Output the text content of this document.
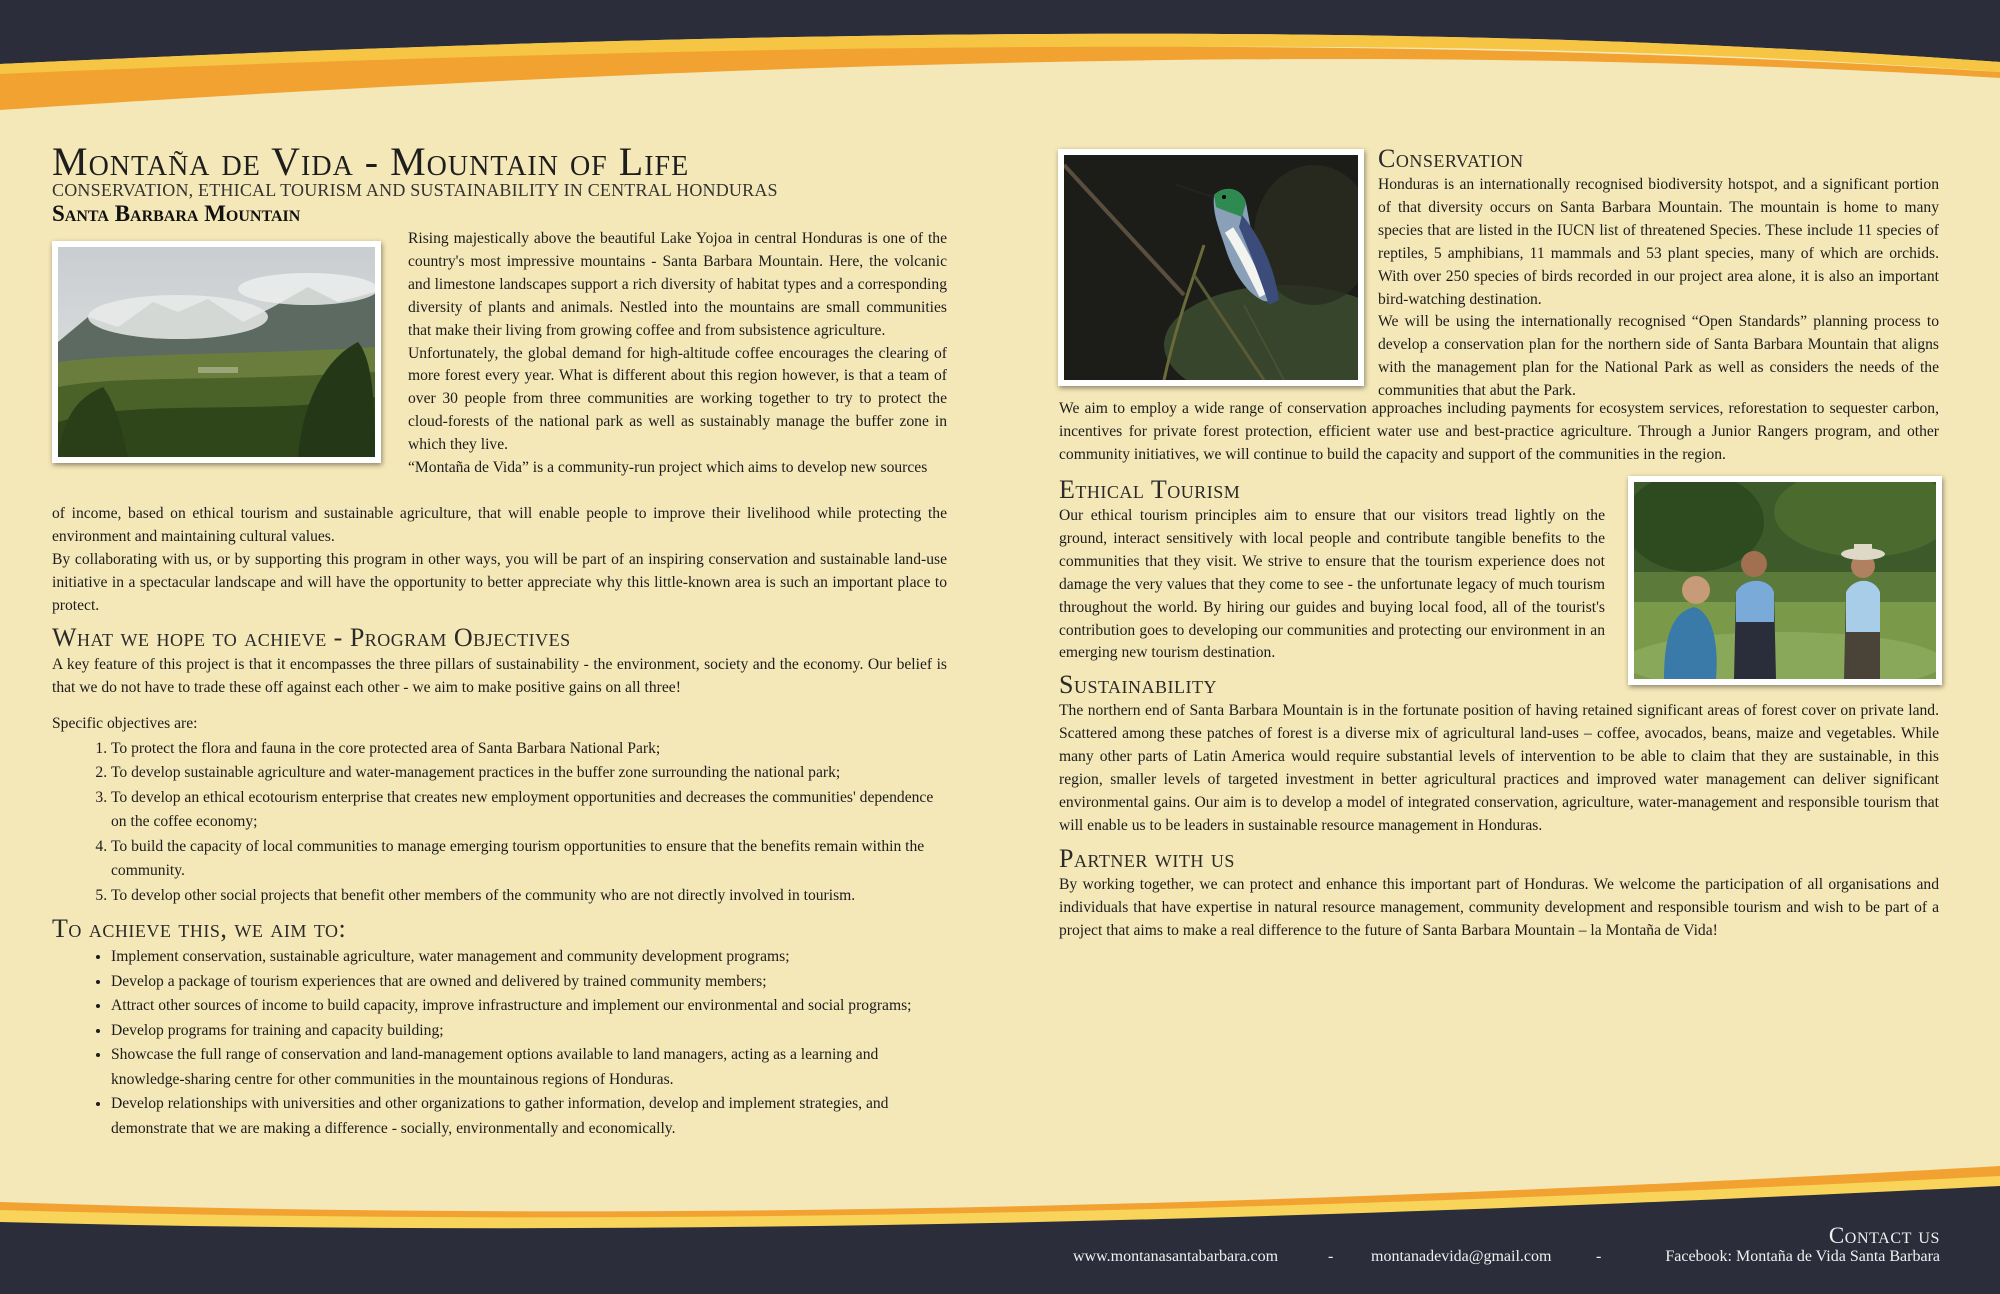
Montaña de Vida - Mountain of Life
CONSERVATION, ETHICAL TOURISM AND SUSTAINABILITY IN CENTRAL HONDURAS
Santa Barbara Mountain

Rising majestically above the beautiful Lake Yojoa in central Honduras is one of the country's most impressive mountains - Santa Barbara Mountain. Here, the volcanic and limestone landscapes support a rich diversity of habitat types and a corresponding diversity of plants and animals. Nestled into the mountains are small communities that make their living from growing coffee and from subsistence agriculture.

Unfortunately, the global demand for high-altitude coffee encourages the clearing of more forest every year. What is different about this region however, is that a team of over 30 people from three communities are working together to try to protect the cloud-forests of the national park as well as sustainably manage the buffer zone in which they live.

“Montaña de Vida” is a community-run project which aims to develop new sources

of income, based on ethical tourism and sustainable agriculture, that will enable people to improve their livelihood while protecting the environment and maintaining cultural values.

By collaborating with us, or by supporting this program in other ways, you will be part of an inspiring conservation and sustainable land-use initiative in a spectacular landscape and will have the opportunity to better appreciate why this little-known area is such an important place to protect.

What we hope to achieve - Program Objectives

A key feature of this project is that it encompasses the three pillars of sustainability - the environment, society and the economy. Our belief is that we do not have to trade these off against each other - we aim to make positive gains on all three!

Specific objectives are:

1. To protect the flora and fauna in the core protected area of Santa Barbara National Park;
2. To develop sustainable agriculture and water-management practices in the buffer zone surrounding the national park;
3. To develop an ethical ecotourism enterprise that creates new employment opportunities and decreases the communities' dependence on the coffee economy;
4. To build the capacity of local communities to manage emerging tourism opportunities to ensure that the benefits remain within the community.
5. To develop other social projects that benefit other members of the community who are not directly involved in tourism.
To achieve this, we aim to:
• Implement conservation, sustainable agriculture, water management and community development programs;
• Develop a package of tourism experiences that are owned and delivered by trained community members;
• Attract other sources of income to build capacity, improve infrastructure and implement our environmental and social programs;
• Develop programs for training and capacity building;
• Showcase the full range of conservation and land-management options available to land managers, acting as a learning and knowledge-sharing centre for other communities in the mountainous regions of Honduras.
• Develop relationships with universities and other organizations to gather information, develop and implement strategies, and demonstrate that we are making a difference - socially, environmentally and economically.
Conservation

Honduras is an internationally recognised biodiversity hotspot, and a significant portion of that diversity occurs on Santa Barbara Mountain. The mountain is home to many species that are listed in the IUCN list of threatened Species. These include 11 species of reptiles, 5 amphibians, 11 mammals and 53 plant species, many of which are orchids. With over 250 species of birds recorded in our project area alone, it is also an important bird-watching destination.

We will be using the internationally recognised “Open Standards” planning process to develop a conservation plan for the northern side of Santa Barbara Mountain that aligns with the management plan for the National Park as well as considers the needs of the communities that abut the Park.

We aim to employ a wide range of conservation approaches including payments for ecosystem services, reforestation to sequester carbon, incentives for private forest protection, efficient water use and best-practice agriculture. Through a Junior Rangers program, and other community initiatives, we will continue to build the capacity and support of the communities in the region.

Ethical Tourism

Our ethical tourism principles aim to ensure that our visitors tread lightly on the ground, interact sensitively with local people and contribute tangible benefits to the communities that they visit. We strive to ensure that the tourism experience does not damage the very values that they come to see - the unfortunate legacy of much tourism throughout the world. By hiring our guides and buying local food, all of the tourist's contribution goes to developing our communities and protecting our environment in an emerging new tourism destination.

Sustainability

The northern end of Santa Barbara Mountain is in the fortunate position of having retained significant areas of forest cover on private land. Scattered among these patches of forest is a diverse mix of agricultural land-uses – coffee, avocados, beans, maize and vegetables. While many other parts of Latin America would require substantial levels of intervention to be able to claim that they are sustainable, in this region, smaller levels of targeted investment in better agricultural practices and improved water management can deliver significant environmental gains. Our aim is to develop a model of integrated conservation, agriculture, water-management and responsible tourism that will enable us to be leaders in sustainable resource management in Honduras.

Partner with us

By working together, we can protect and enhance this important part of Honduras. We welcome the participation of all organisations and individuals that have expertise in natural resource management, community development and responsible tourism and wish to be part of a project that aims to make a real difference to the future of Santa Barbara Mountain – la Montaña de Vida!

Contact us
www.montanasantabarbara.com	- montanadevida@gmail.com	-	Facebook: Montaña de Vida Santa Barbara
